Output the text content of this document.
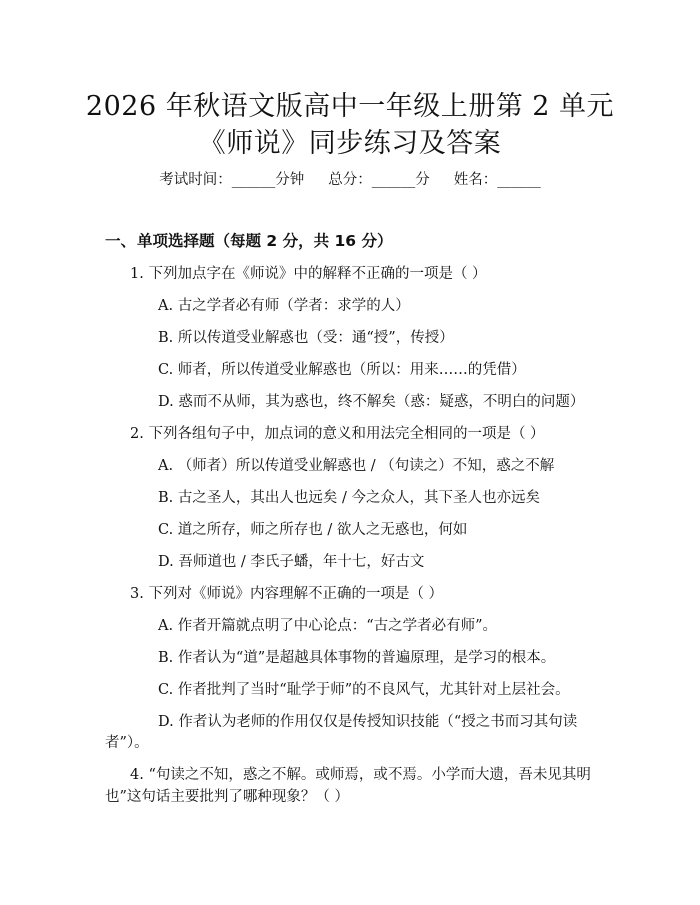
2026 年秋语文版高中一年级上册第 2 单元
《师说》同步练习及答案
考试时间：______分钟 总分：______分 姓名：______
一、单项选择题（每题 2 分，共 16 分）
1. 下列加点字在《师说》中的解释不正确的一项是（ ）
A. 古之学者必有师（学者：求学的人）
B. 所以传道受业解惑也（受：通“授”，传授）
C. 师者，所以传道受业解惑也（所以：用来……的凭借）
D. 惑而不从师，其为惑也，终不解矣（惑：疑惑，不明白的问题）
2. 下列各组句子中，加点词的意义和用法完全相同的一项是（ ）
A. （师者）所以传道受业解惑也 / （句读之）不知，惑之不解
B. 古之圣人，其出人也远矣 / 今之众人，其下圣人也亦远矣
C. 道之所存，师之所存也 / 欲人之无惑也，何如
D. 吾师道也 / 李氏子蟠，年十七，好古文
3. 下列对《师说》内容理解不正确的一项是（ ）
A. 作者开篇就点明了中心论点：“古之学者必有师”。
B. 作者认为“道”是超越具体事物的普遍原理，是学习的根本。
C. 作者批判了当时“耻学于师”的不良风气，尤其针对上层社会。
D. 作者认为老师的作用仅仅是传授知识技能（“授之书而习其句读
者”）。
4. “句读之不知，惑之不解。或师焉，或不焉。小学而大遗，吾未见其明
也”这句话主要批判了哪种现象？（ ）
